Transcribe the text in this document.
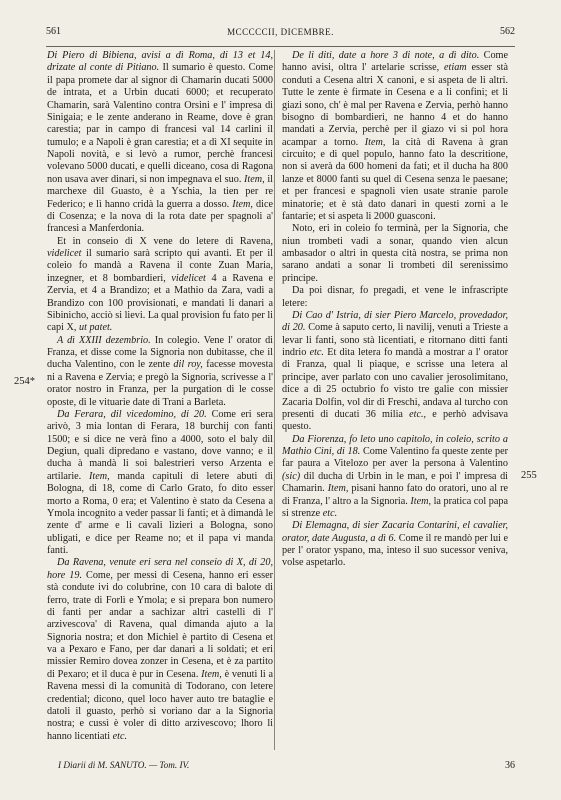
561	MCCCCCII, DICEMBRE.	562

Di Piero di Bibiena, avisi a dì Roma, di 13 et 14, drizate al conte di Pitiano. Il sumario è questo. Come il papa promete dar al signor di Chamarin ducati 5000 de intrata, et a Urbin ducati 6000; et recuperato Chamarin, sarà Valentino contra Orsini e l' impresa di Sinigaia; e le zente anderano in Reame, dove è gran carestia; par in campo di francesi val 14 carlini il tumulo; e a Napoli è gran carestia; et a dì XI sequite in Napoli novità, e si levò a rumor, perchè francesi volevano 5000 ducati, e quelli diceano, cosa di Ragona non usava aver dinari, si non impegnava el suo. Item, il marchexe dil Guasto, è a Yschia, la tien per re Federico; e lì hanno cridà la guerra a dosso. Item, dice di Cosenza; e la nova di la rota date per spagnoli a' francesi a Manferdonia.

Et in conseio di X vene do letere di Ravena, videlicet il sumario sarà scripto qui avanti. Et per il coleio fo mandà a Ravena il conte Zuan Maria, inzegner, et 8 bombardieri, videlicet 4 a Ravena e Zervia, et 4 a Brandizo; et a Mathio da Zara, vadi a Brandizo con 100 provisionati, e mandati li danari a Sibinicho, acciò si lievi. La qual provision fu fato per li capi X, ut patet.

A dì XXIII dezembrio. In colegio. Vene l' orator di Franza, et disse come la Signoria non dubitasse, che il ducha Valentino, con le zente dil roy, facesse movesta ni a Ravena e Zervia; e pregò la Signoria, scrivesse a l' orator nostro in Franza, per la purgation di le cosse oposte, di le vituarie date di Trani a Barleta.

Da Ferara, dil vicedomino, di 20. Come eri sera arivò, 3 mia lontan di Ferara, 18 burchij con fanti 1500; e si dice ne verà fino a 4000, soto el baly dil Degiun, quali dipredano e vastano, dove vanno; e il ducha à mandà li soi balestrieri verso Arzenta e artilarie. Item, manda capituli di letere abuti di Bologna, di 18, come di Carlo Grato, fo dito esser morto a Roma, 0 era; et Valentino è stato da Cesena a Ymola incognito a veder passar li fanti; et à dimandà le zente d' arme e li cavali lizieri a Bologna, sono ubligati, e dice per Reame no; et il papa vi manda fanti.

Da Ravena, venute eri sera nel conseio di X, di 20, hore 19. Come, per messi di Cesena, hanno eri esser stà condute ivi do colubrine, con 10 cara di balote di ferro, trate di Forlì e Ymola; e si prepara bon numero di fanti per andar a sachizar altri castelli di l' arzivescova' di Ravena, qual dimanda ajuto a la Signoria nostra; et don Michiel è partito di Cesena et va a Pexaro e Fano, per dar danari a li soldati; et eri missier Remiro dovea zonzer in Cesena, et è za partito di Pexaro; et il duca è pur in Cesena. Item, è venuti li a Ravena messi di la comunità di Todorano, con letere credential; dicono, quel loco haver auto tre bataglie e datoli il guasto, perhò si voriano dar a la Signoria nostra; e cussì è voler di ditto arzivescovo; lhoro li hanno licentiati etc.

254*

De li diti, date a hore 3 di note, a dì dito. Come hanno avisi, oltra l' artelarie scrisse, etiam esser stà conduti a Cesena altri X canoni, e si aspeta de li altri. Tutte le zente è firmate in Cesena e a li confini; et li giazi sono, ch' è mal per Ravena e Zervia, perhò hanno bisogno di bombardieri, ne hanno 4 et do hanno mandati a Zervia, perchè per il giazo vi si pol hora acampar a torno. Item, la cità di Ravena à gran circuito; e di quel populo, hanno fato la descritione, non si averà da 600 homeni da fati; et il ducha ha 800 lanze et 8000 fanti su quel di Cesena senza le paesane; et per francesi e spagnoli vien usate stranie parole minatorie; et è stà dato danari in questi zorni a le fantarie; et si aspeta li 2000 guasconi.

Noto, eri in coleio fo terminà, per la Signoria, che niun trombeti vadi a sonar, quando vien alcun ambasador o altri in questa cità nostra, se prima non sarano andati a sonar li trombeti dil serenissimo principe.

Da poi disnar, fo pregadi, et vene le infrascripte letere:

Di Cao d' Istria, di sier Piero Marcelo, provedador, di 20. Come à saputo certo, li navilij, venuti a Trieste a levar li fanti, sono stà licentiati, e ritornano ditti fanti indrio etc. Et dita letera fo mandà a mostrar a l' orator di Franza, qual li piaque, e scrisse una letera al principe, aver parlato con uno cavalier jerosolimitano, dice a dì 25 octubrio fo visto tre galie con missier Zacaria Dolfin, vol dir di Freschi, andava al turcho con presenti di ducati 36 milia etc., e perhò advisava questo.

Da Fiorenza, fo leto uno capitolo, in coleio, scrito a Mathio Cini, di 18. Come Valentino fa queste zente per far paura a Vitelozo per aver la persona à Valentino (sic) dil ducha di Urbin in le man, e poi l' impresa di Chamarin. Item, pisani hanno fato do oratori, uno al re di Franza, l' altro a la Signoria. Item, la pratica col papa si strenze etc.

Di Elemagna, di sier Zacaria Contarini, el cavalier, orator, date Augusta, a dì 6. Come il re mandò per lui e per l' orator yspano, ma, inteso il suo sucessor veniva, volse aspetarlo.

255
I Diarii di M. SANUTO. — Tom. IV.	36
